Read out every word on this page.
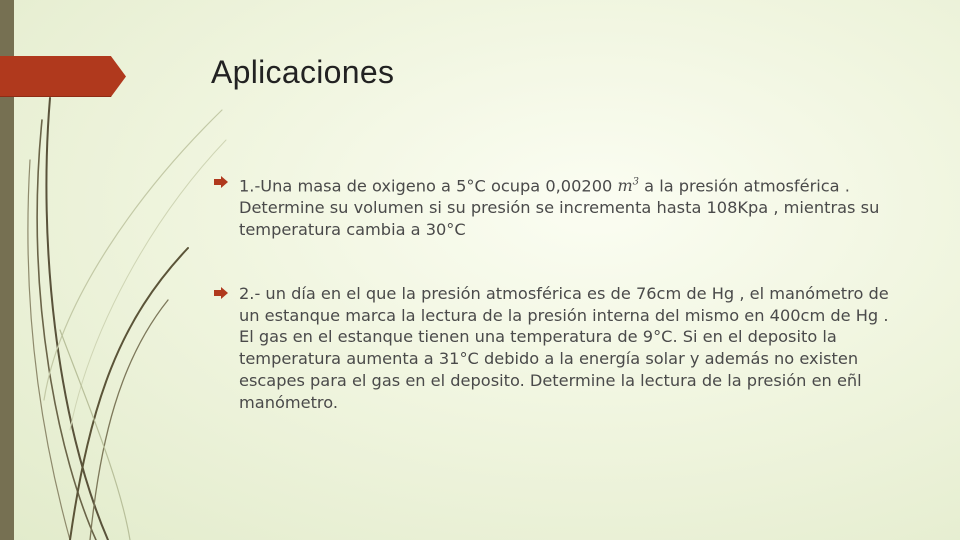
Aplicaciones
1.-Una masa de oxigeno a 5°C ocupa 0,00200 $m^3$ a la presión atmosférica .
Determine su volumen si su presión se incrementa hasta 108Kpa , mientras su temperatura cambia a 30°C
2.- un día en el que la presión atmosférica es de 76cm de Hg , el manómetro de un estanque marca la lectura de la presión interna del mismo en 400cm de Hg . El gas en el estanque tienen una temperatura de 9°C. Si en el deposito la temperatura aumenta a 31°C debido a la energía solar y además no existen escapes para el gas en el deposito. Determine la lectura de la presión en eñl manómetro.
